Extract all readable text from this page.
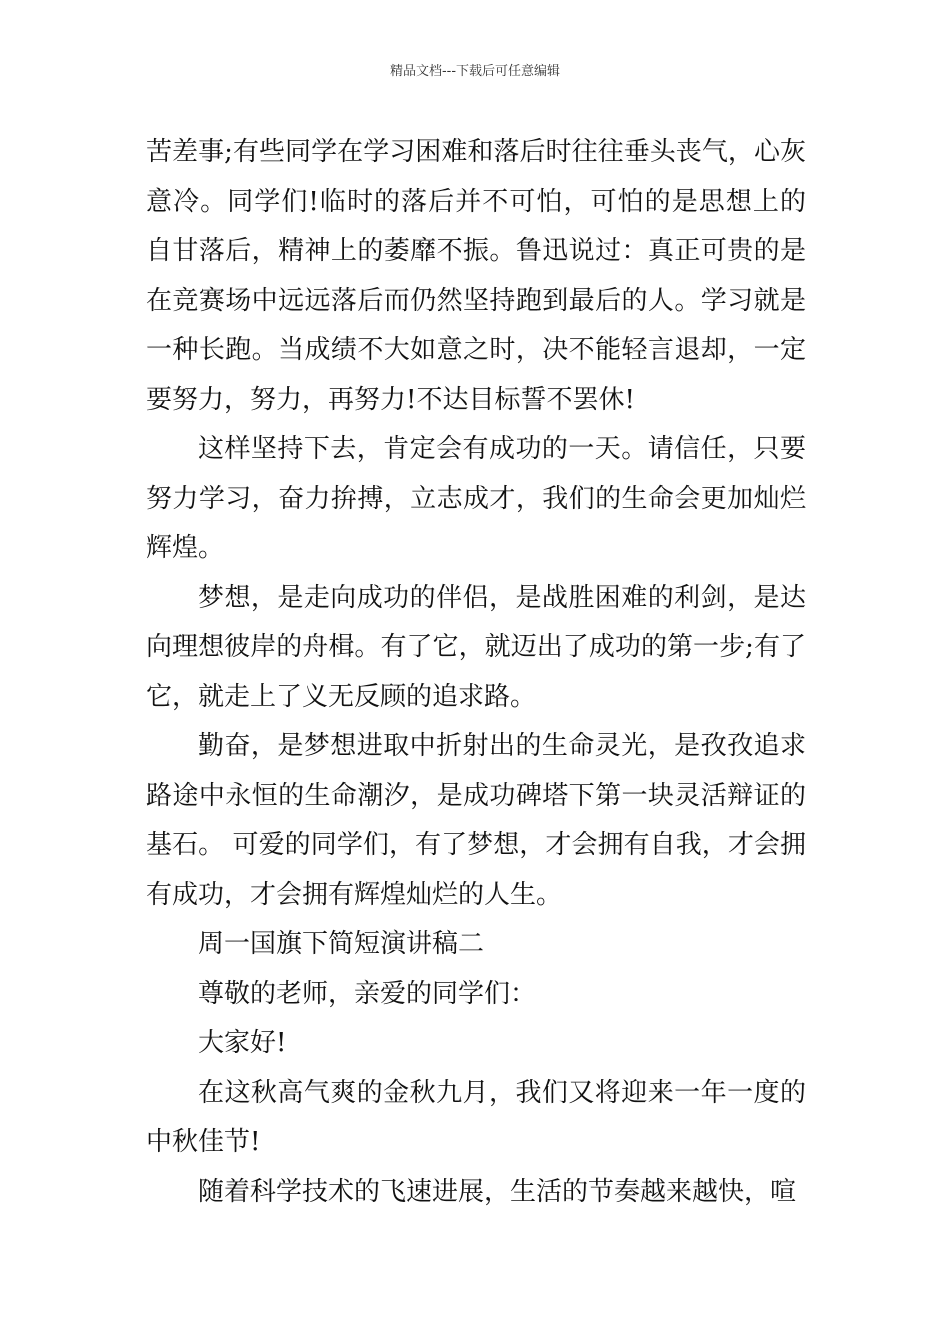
精品文档---下载后可任意编辑

苦差事;有些同学在学习困难和落后时往往垂头丧气，心灰意冷。同学们!临时的落后并不可怕，可怕的是思想上的自甘落后，精神上的萎靡不振。鲁迅说过：真正可贵的是在竞赛场中远远落后而仍然坚持跑到最后的人。学习就是一种长跑。当成绩不大如意之时，决不能轻言退却，一定要努力，努力，再努力!不达目标誓不罢休!

这样坚持下去，肯定会有成功的一天。请信任，只要努力学习，奋力拚搏，立志成才，我们的生命会更加灿烂辉煌。

梦想，是走向成功的伴侣，是战胜困难的利剑，是达向理想彼岸的舟楫。有了它，就迈出了成功的第一步;有了它，就走上了义无反顾的追求路。

勤奋，是梦想进取中折射出的生命灵光，是孜孜追求路途中永恒的生命潮汐，是成功碑塔下第一块灵活辩证的基石。 可爱的同学们，有了梦想，才会拥有自我，才会拥有成功，才会拥有辉煌灿烂的人生。

周一国旗下简短演讲稿二

尊敬的老师，亲爱的同学们：

大家好!

在这秋高气爽的金秋九月，我们又将迎来一年一度的中秋佳节!

随着科学技术的飞速进展，生活的节奏越来越快，喧
